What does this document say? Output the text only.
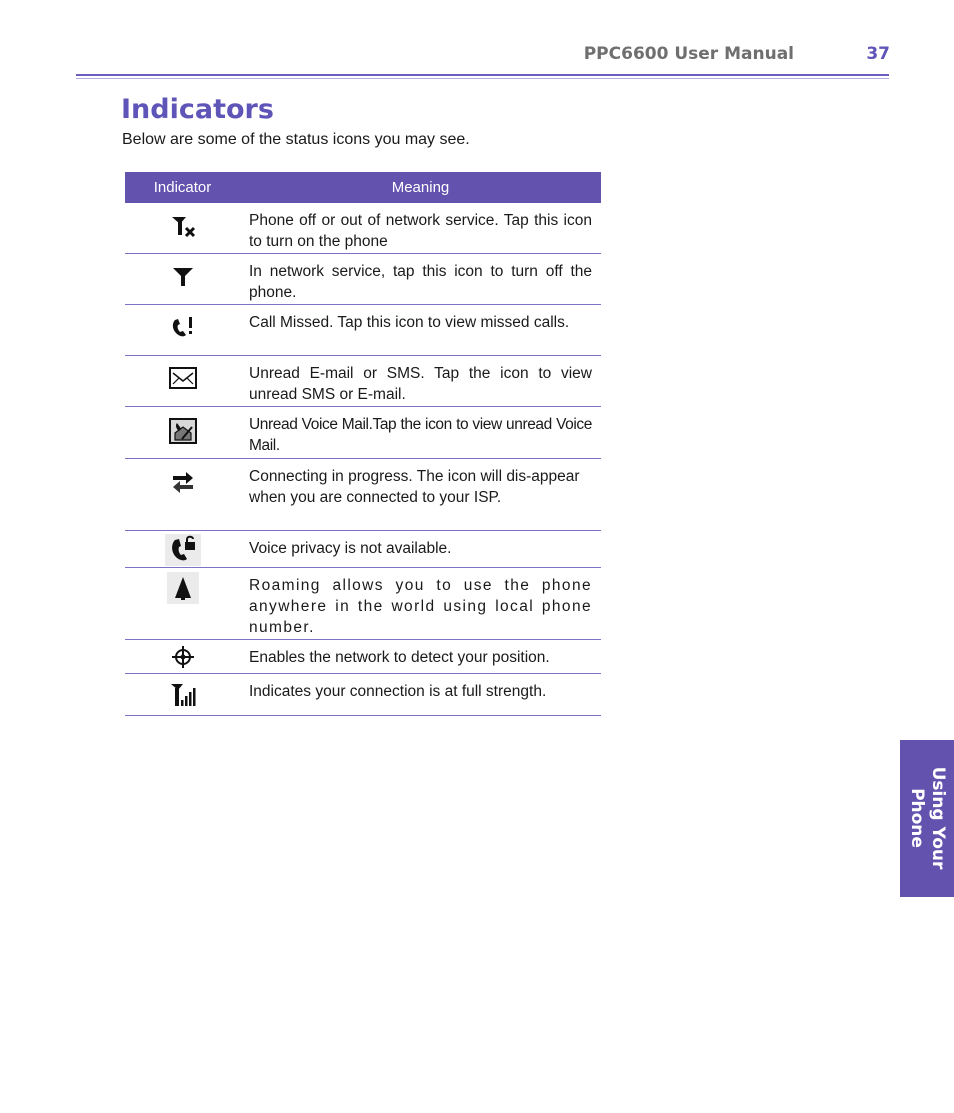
PPC6600 User Manual	37
Indicators
Below are some of the status icons you may see.
Indicator	Meaning
Phone off or out of network service. Tap this icon to turn on the phone
In network service, tap this icon to turn off the phone.
Call Missed. Tap this icon to view missed calls.
Unread E-mail or SMS. Tap the icon to view unread SMS or E-mail.
Unread Voice Mail.Tap the icon to view unread Voice Mail.
Connecting in progress. The icon will dis-appear when you are connected to your ISP.
Voice privacy is not available.
Roaming allows you to use the phone anywhere in the world using local phone number.
Enables the network to detect your position.
Indicates your connection is at full strength.
Using Your
Phone
